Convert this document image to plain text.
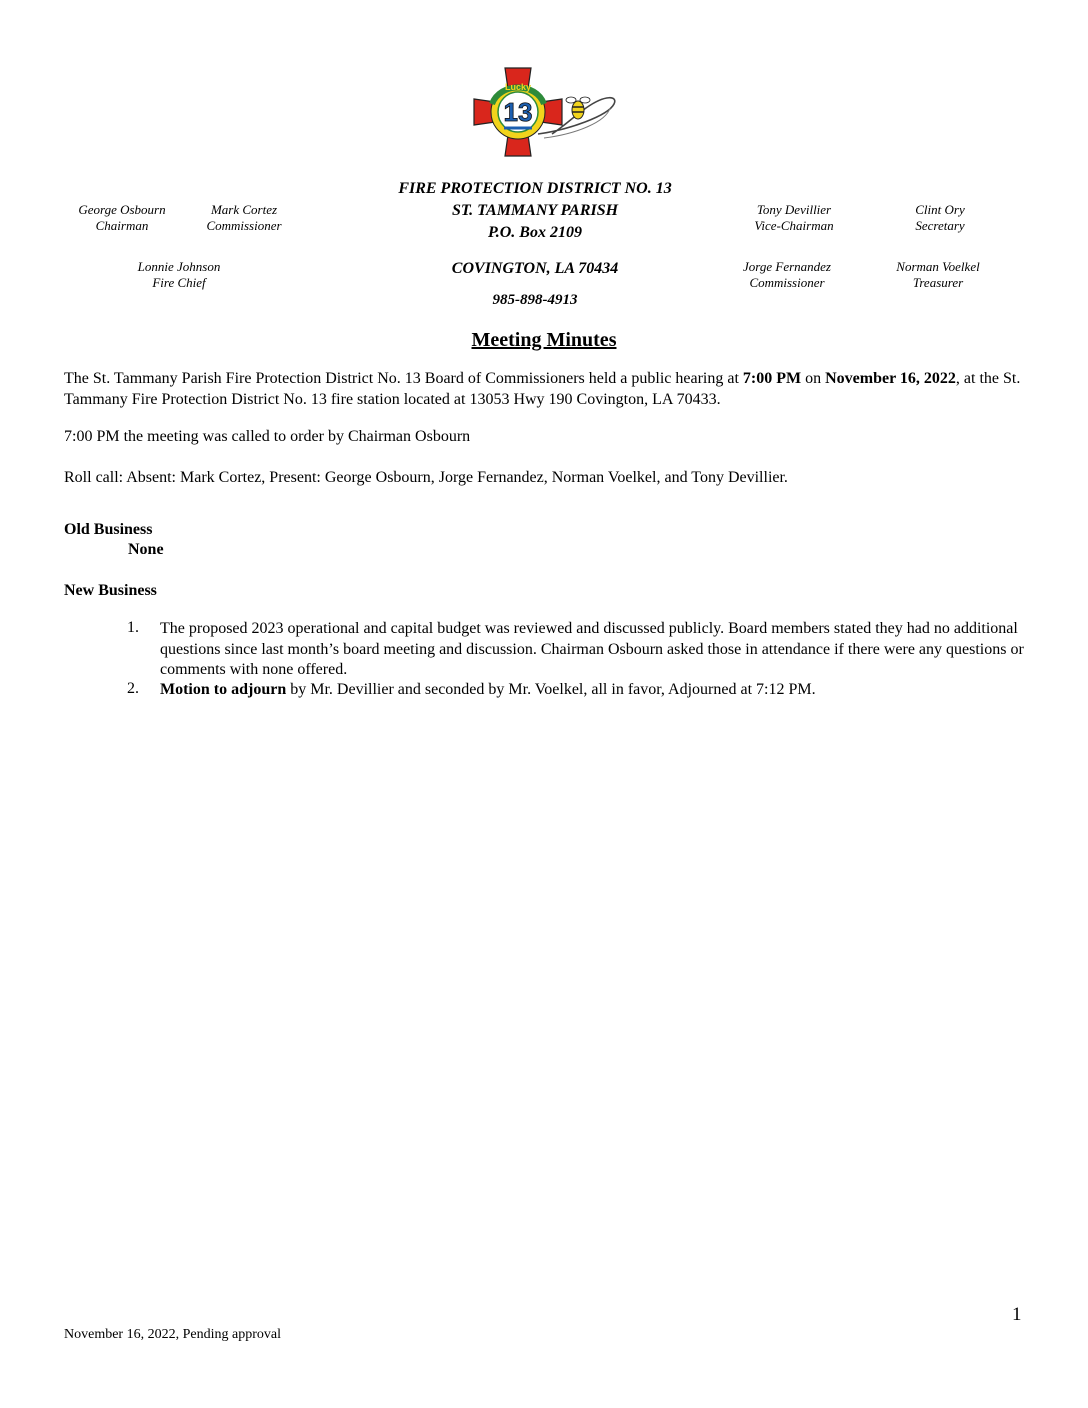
13
Lucky
George Osbourn
Chairman
Mark Cortez
Commissioner
Lonnie Johnson
Fire Chief
Tony Devillier
Vice-Chairman
Clint Ory
Secretary
Jorge Fernandez
Commissioner
Norman Voelkel
Treasurer
FIRE PROTECTION DISTRICT NO. 13
ST. TAMMANY PARISH
P.O. Box 2109
COVINGTON, LA 70434
985-898-4913
Meeting Minutes
The St. Tammany Parish Fire Protection District No. 13 Board of Commissioners held a public hearing at 7:00 PM on November 16, 2022, at the St. Tammany Fire Protection District No. 13 fire station located at 13053 Hwy 190 Covington, LA 70433.
7:00 PM the meeting was called to order by Chairman Osbourn
Roll call: Absent: Mark Cortez, Present: George Osbourn, Jorge Fernandez, Norman Voelkel, and Tony Devillier.
Old Business
None
New Business
1. The proposed 2023 operational and capital budget was reviewed and discussed publicly. Board members stated they had no additional questions since last month’s board meeting and discussion. Chairman Osbourn asked those in attendance if there were any questions or comments with none offered.
2. Motion to adjourn by Mr. Devillier and seconded by Mr. Voelkel, all in favor, Adjourned at 7:12 PM.
1
November 16, 2022, Pending approval
